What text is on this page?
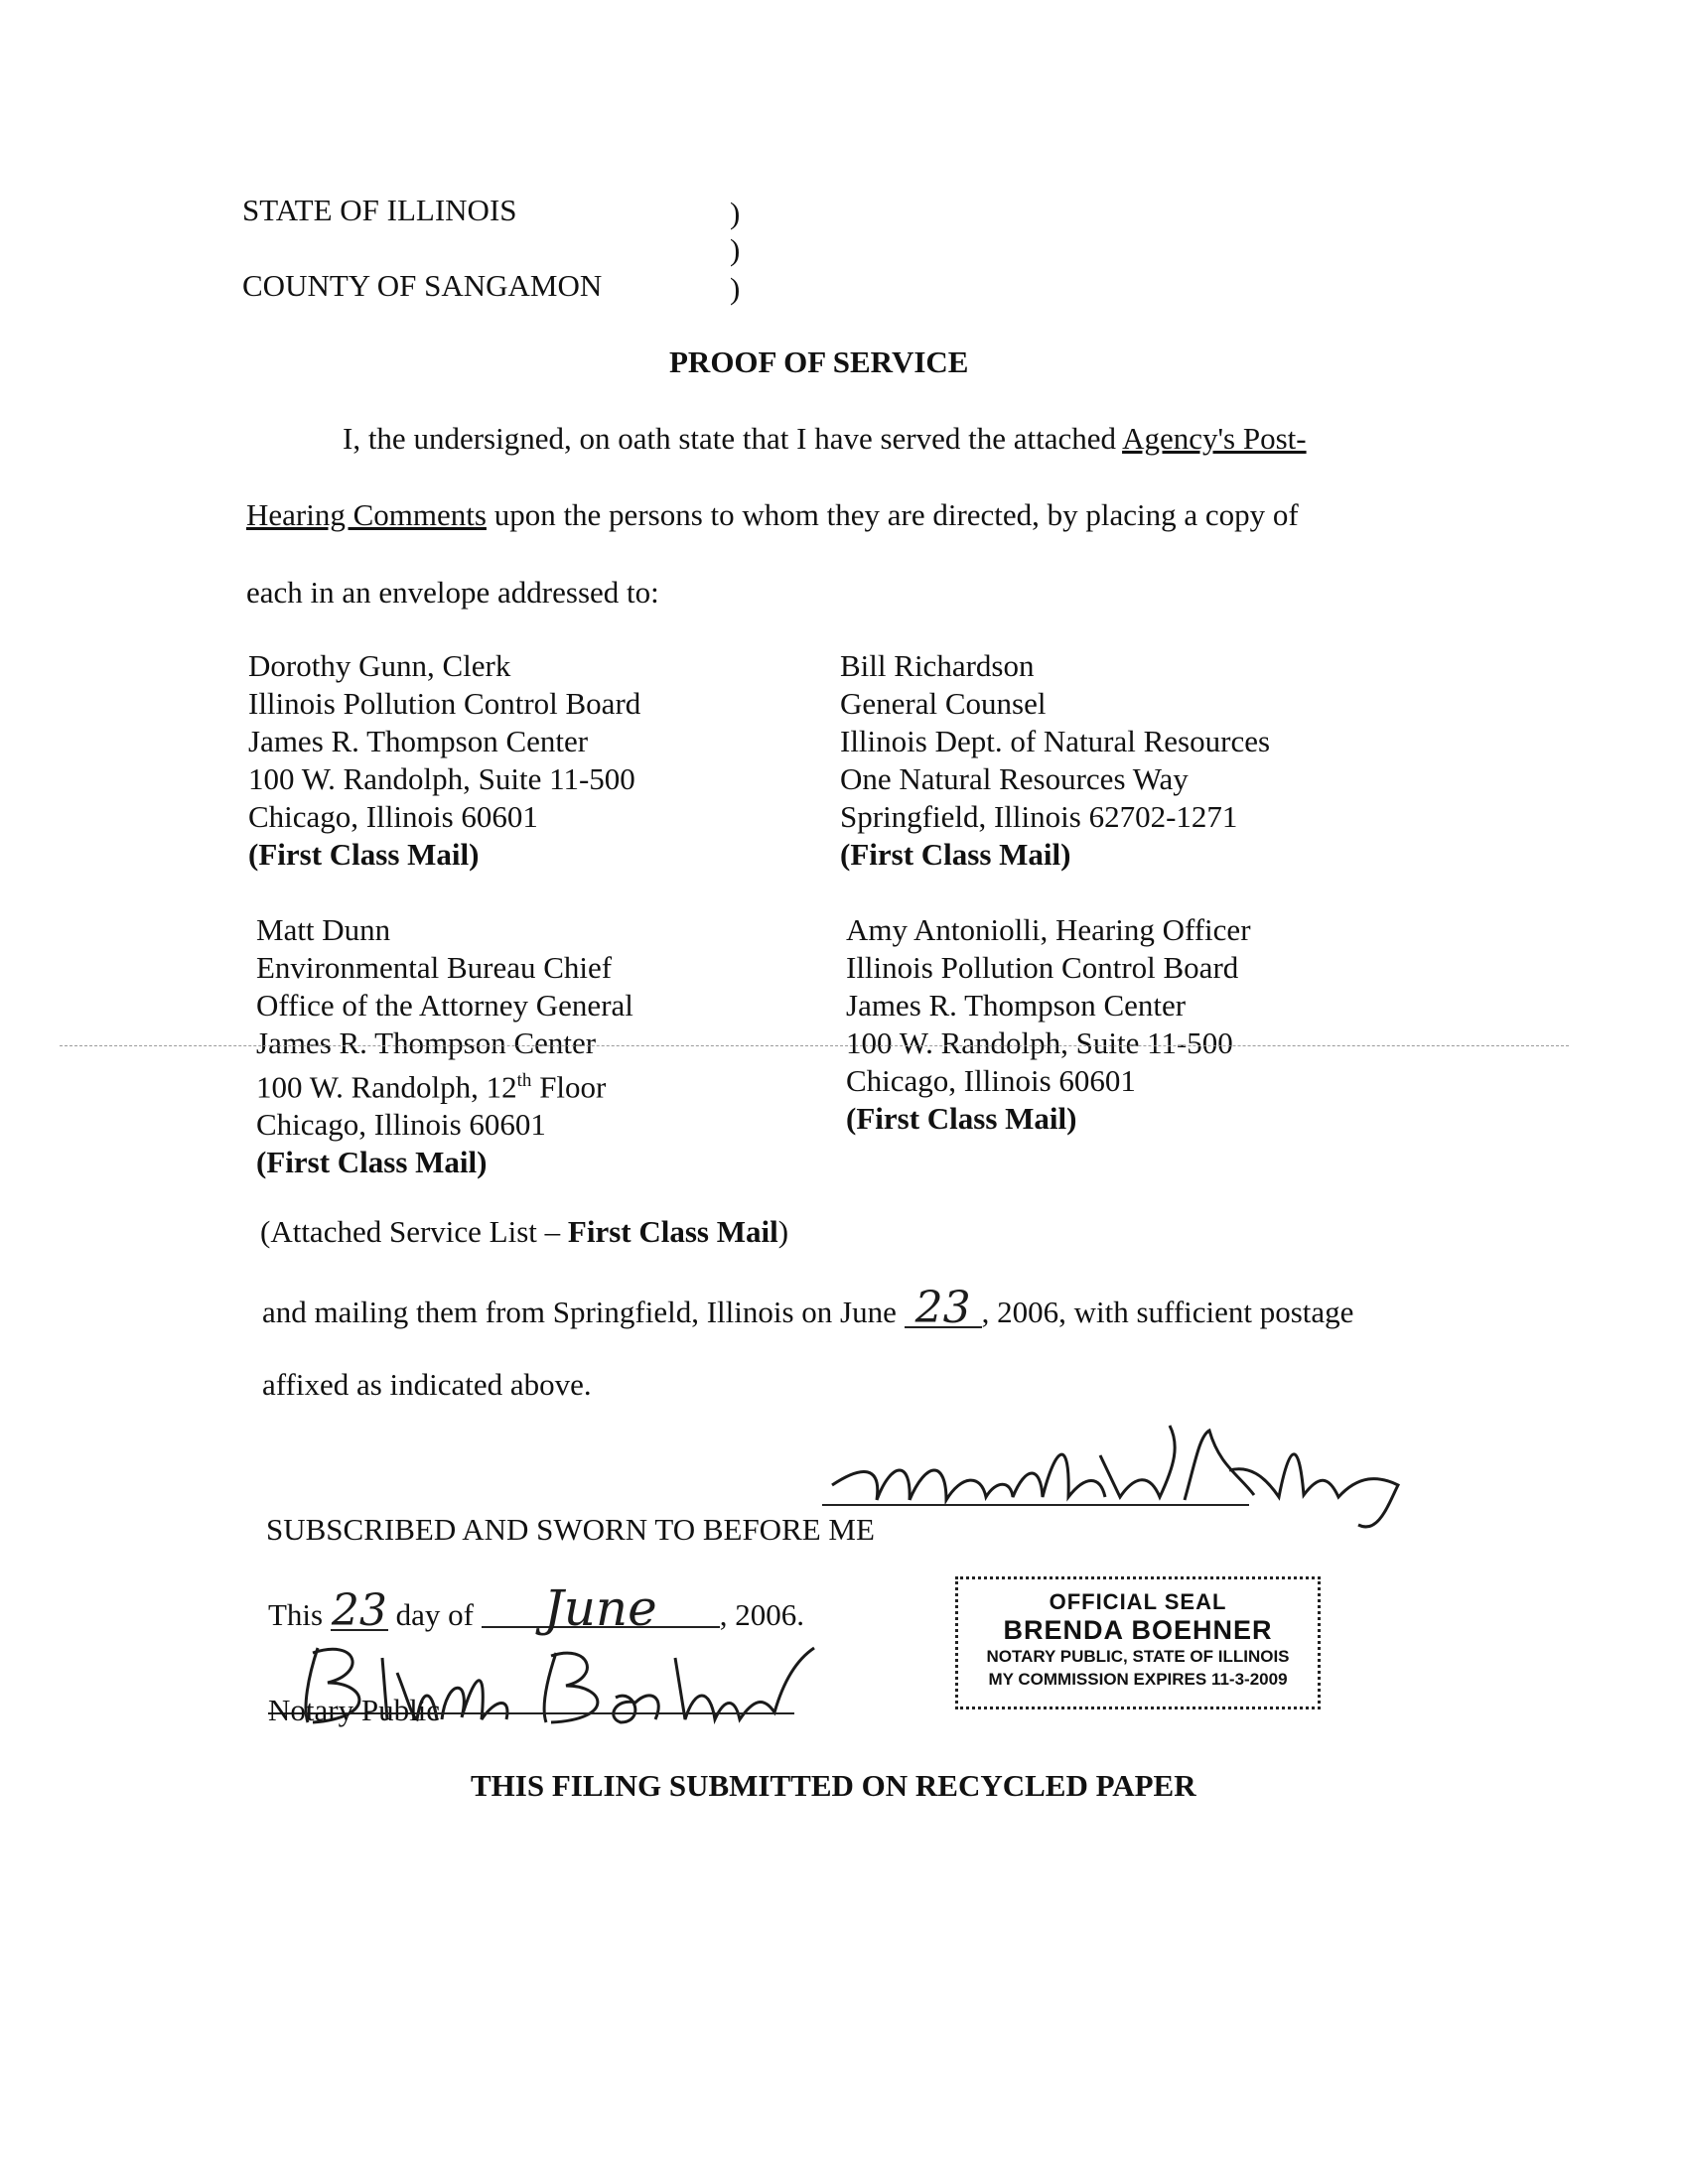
STATE OF ILLINOIS	)
)
COUNTY OF SANGAMON	)
PROOF OF SERVICE
I, the undersigned, on oath state that I have served the attached Agency's Post-
Hearing Comments upon the persons to whom they are directed, by placing a copy of
each in an envelope addressed to:
Dorothy Gunn, Clerk
Illinois Pollution Control Board
James R. Thompson Center
100 W. Randolph, Suite 11-500
Chicago, Illinois 60601
(First Class Mail)
Bill Richardson
General Counsel
Illinois Dept. of Natural Resources
One Natural Resources Way
Springfield, Illinois 62702-1271
(First Class Mail)
Matt Dunn
Environmental Bureau Chief
Office of the Attorney General
James R. Thompson Center
100 W. Randolph, 12th Floor
Chicago, Illinois 60601
(First Class Mail)
Amy Antoniolli, Hearing Officer
Illinois Pollution Control Board
James R. Thompson Center
100 W. Randolph, Suite 11-500
Chicago, Illinois 60601
(First Class Mail)
(Attached Service List – First Class Mail)
and mailing them from Springfield, Illinois on June 23 , 2006, with sufficient postage
affixed as indicated above.
SUBSCRIBED AND SWORN TO BEFORE ME
This 23 day of June , 2006.
Notary Public
OFFICIAL SEAL
BRENDA BOEHNER
NOTARY PUBLIC, STATE OF ILLINOIS
MY COMMISSION EXPIRES 11-3-2009
THIS FILING SUBMITTED ON RECYCLED PAPER
